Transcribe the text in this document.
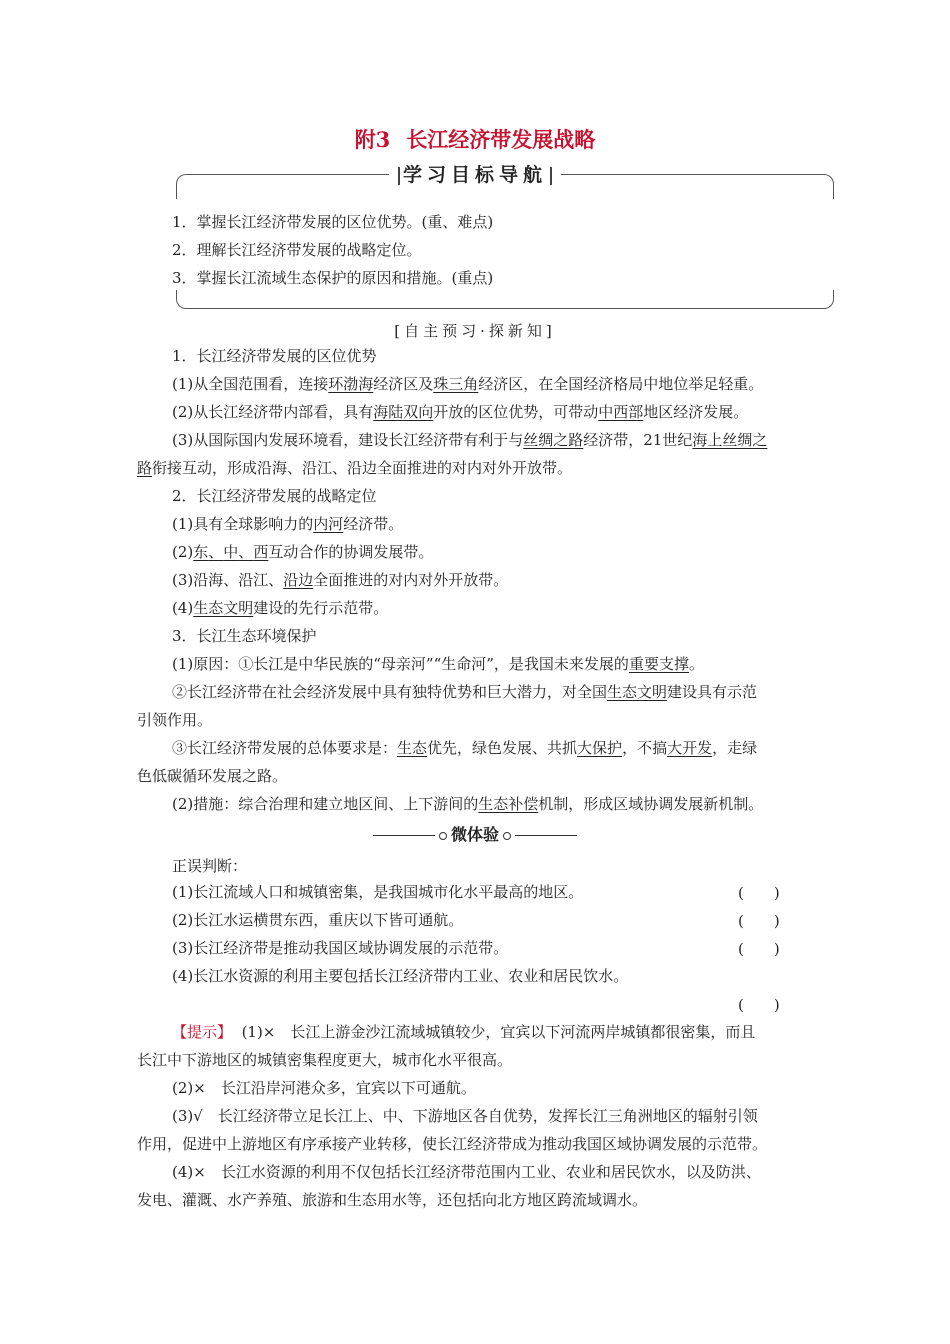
附3 长江经济带发展战略
学习目标导航
1．掌握长江经济带发展的区位优势。(重、难点)
2．理解长江经济带发展的战略定位。
3．掌握长江流域生态保护的原因和措施。(重点)
[自主预习·探新知]
1．长江经济带发展的区位优势
(1)从全国范围看，连接环渤海经济区及珠三角经济区，在全国经济格局中地位举足轻重。
(2)从长江经济带内部看，具有海陆双向开放的区位优势，可带动中西部地区经济发展。
(3)从国际国内发展环境看，建设长江经济带有利于与丝绸之路经济带，21世纪海上丝绸之
路衔接互动，形成沿海、沿江、沿边全面推进的对内对外开放带。
2．长江经济带发展的战略定位
(1)具有全球影响力的内河经济带。
(2)东、中、西互动合作的协调发展带。
(3)沿海、沿江、沿边全面推进的对内对外开放带。
(4)生态文明建设的先行示范带。
3．长江生态环境保护
(1)原因：①长江是中华民族的“母亲河”“生命河”，是我国未来发展的重要支撑。
②长江经济带在社会经济发展中具有独特优势和巨大潜力，对全国生态文明建设具有示范
引领作用。
③长江经济带发展的总体要求是：生态优先，绿色发展、共抓大保护，不搞大开发，走绿
色低碳循环发展之路。
(2)措施：综合治理和建立地区间、上下游间的生态补偿机制，形成区域协调发展新机制。
微体验
正误判断：
(1)长江流域人口和城镇密集，是我国城市化水平最高的地区。	(　　)
(2)长江水运横贯东西，重庆以下皆可通航。	(　　)
(3)长江经济带是推动我国区域协调发展的示范带。	(　　)
(4)长江水资源的利用主要包括长江经济带内工业、农业和居民饮水。
(　　)
【提示】 (1)×　长江上游金沙江流域城镇较少，宜宾以下河流两岸城镇都很密集，而且
长江中下游地区的城镇密集程度更大，城市化水平很高。
(2)×　长江沿岸河港众多，宜宾以下可通航。
(3)√　长江经济带立足长江上、中、下游地区各自优势，发挥长江三角洲地区的辐射引领
作用，促进中上游地区有序承接产业转移，使长江经济带成为推动我国区域协调发展的示范带。
(4)×　长江水资源的利用不仅包括长江经济带范围内工业、农业和居民饮水，以及防洪、
发电、灌溉、水产养殖、旅游和生态用水等，还包括向北方地区跨流域调水。
